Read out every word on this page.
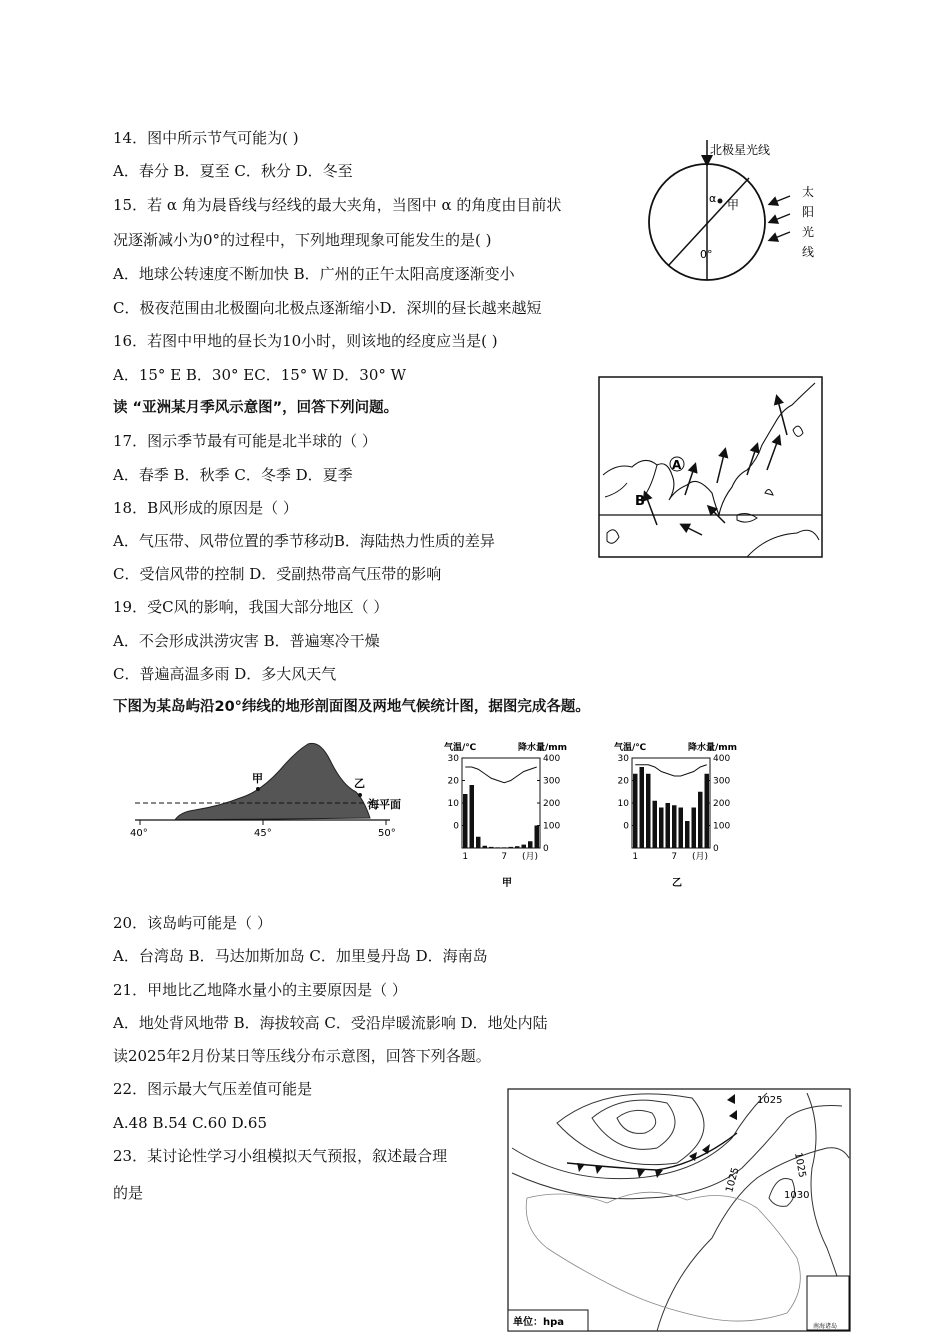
14．图中所示节气可能为( )
A．春分 B．夏至 C．秋分 D．冬至
15．若 α 角为晨昏线与经线的最大夹角，当图中 α 的角度由目前状
况逐渐减小为0°的过程中，下列地理现象可能发生的是( )
A．地球公转速度不断加快 B．广州的正午太阳高度逐渐变小
C．极夜范围由北极圈向北极点逐渐缩小D．深圳的昼长越来越短
16．若图中甲地的昼长为10小时，则该地的经度应当是( )
A．15° E B．30° EC．15° W D．30° W
读 “亚洲某月季风示意图”，回答下列问题。
17．图示季节最有可能是北半球的（ ）
A．春季 B．秋季 C．冬季 D．夏季
18．B风形成的原因是（ ）
A．气压带、风带位置的季节移动B．海陆热力性质的差异
C．受信风带的控制 D．受副热带高气压带的影响
19．受C风的影响，我国大部分地区（ ）
A．不会形成洪涝灾害 B．普遍寒冷干燥
C．普遍高温多雨 D．多大风天气
下图为某岛屿沿20°纬线的地形剖面图及两地气候统计图，据图完成各题。
20．该岛屿可能是（ ）
A．台湾岛 B．马达加斯加岛 C．加里曼丹岛 D．海南岛
21．甲地比乙地降水量小的主要原因是（ ）
A．地处背风地带 B．海拔较高 C．受沿岸暖流影响 D．地处内陆
读2025年2月份某日等压线分布示意图，回答下列各题。
22．图示最大气压差值可能是
A.48 B.54 C.60 D.65
23．某讨论性学习小组模拟天气预报，叙述最合理
的是
北极星光线
α 甲
0°
太
阳
光
线
A
B
甲	乙
海平面
40°	45°	50°
气温/℃	降水量/mm
甲
30
20
10
0
400
300
200
100
0
1	7 (月)
气温/℃	降水量/mm
乙
30
20
10
0
400
300
200
100
0
1	7 (月)
1025
1025
1025
1030
单位：hpa	南海诸岛
